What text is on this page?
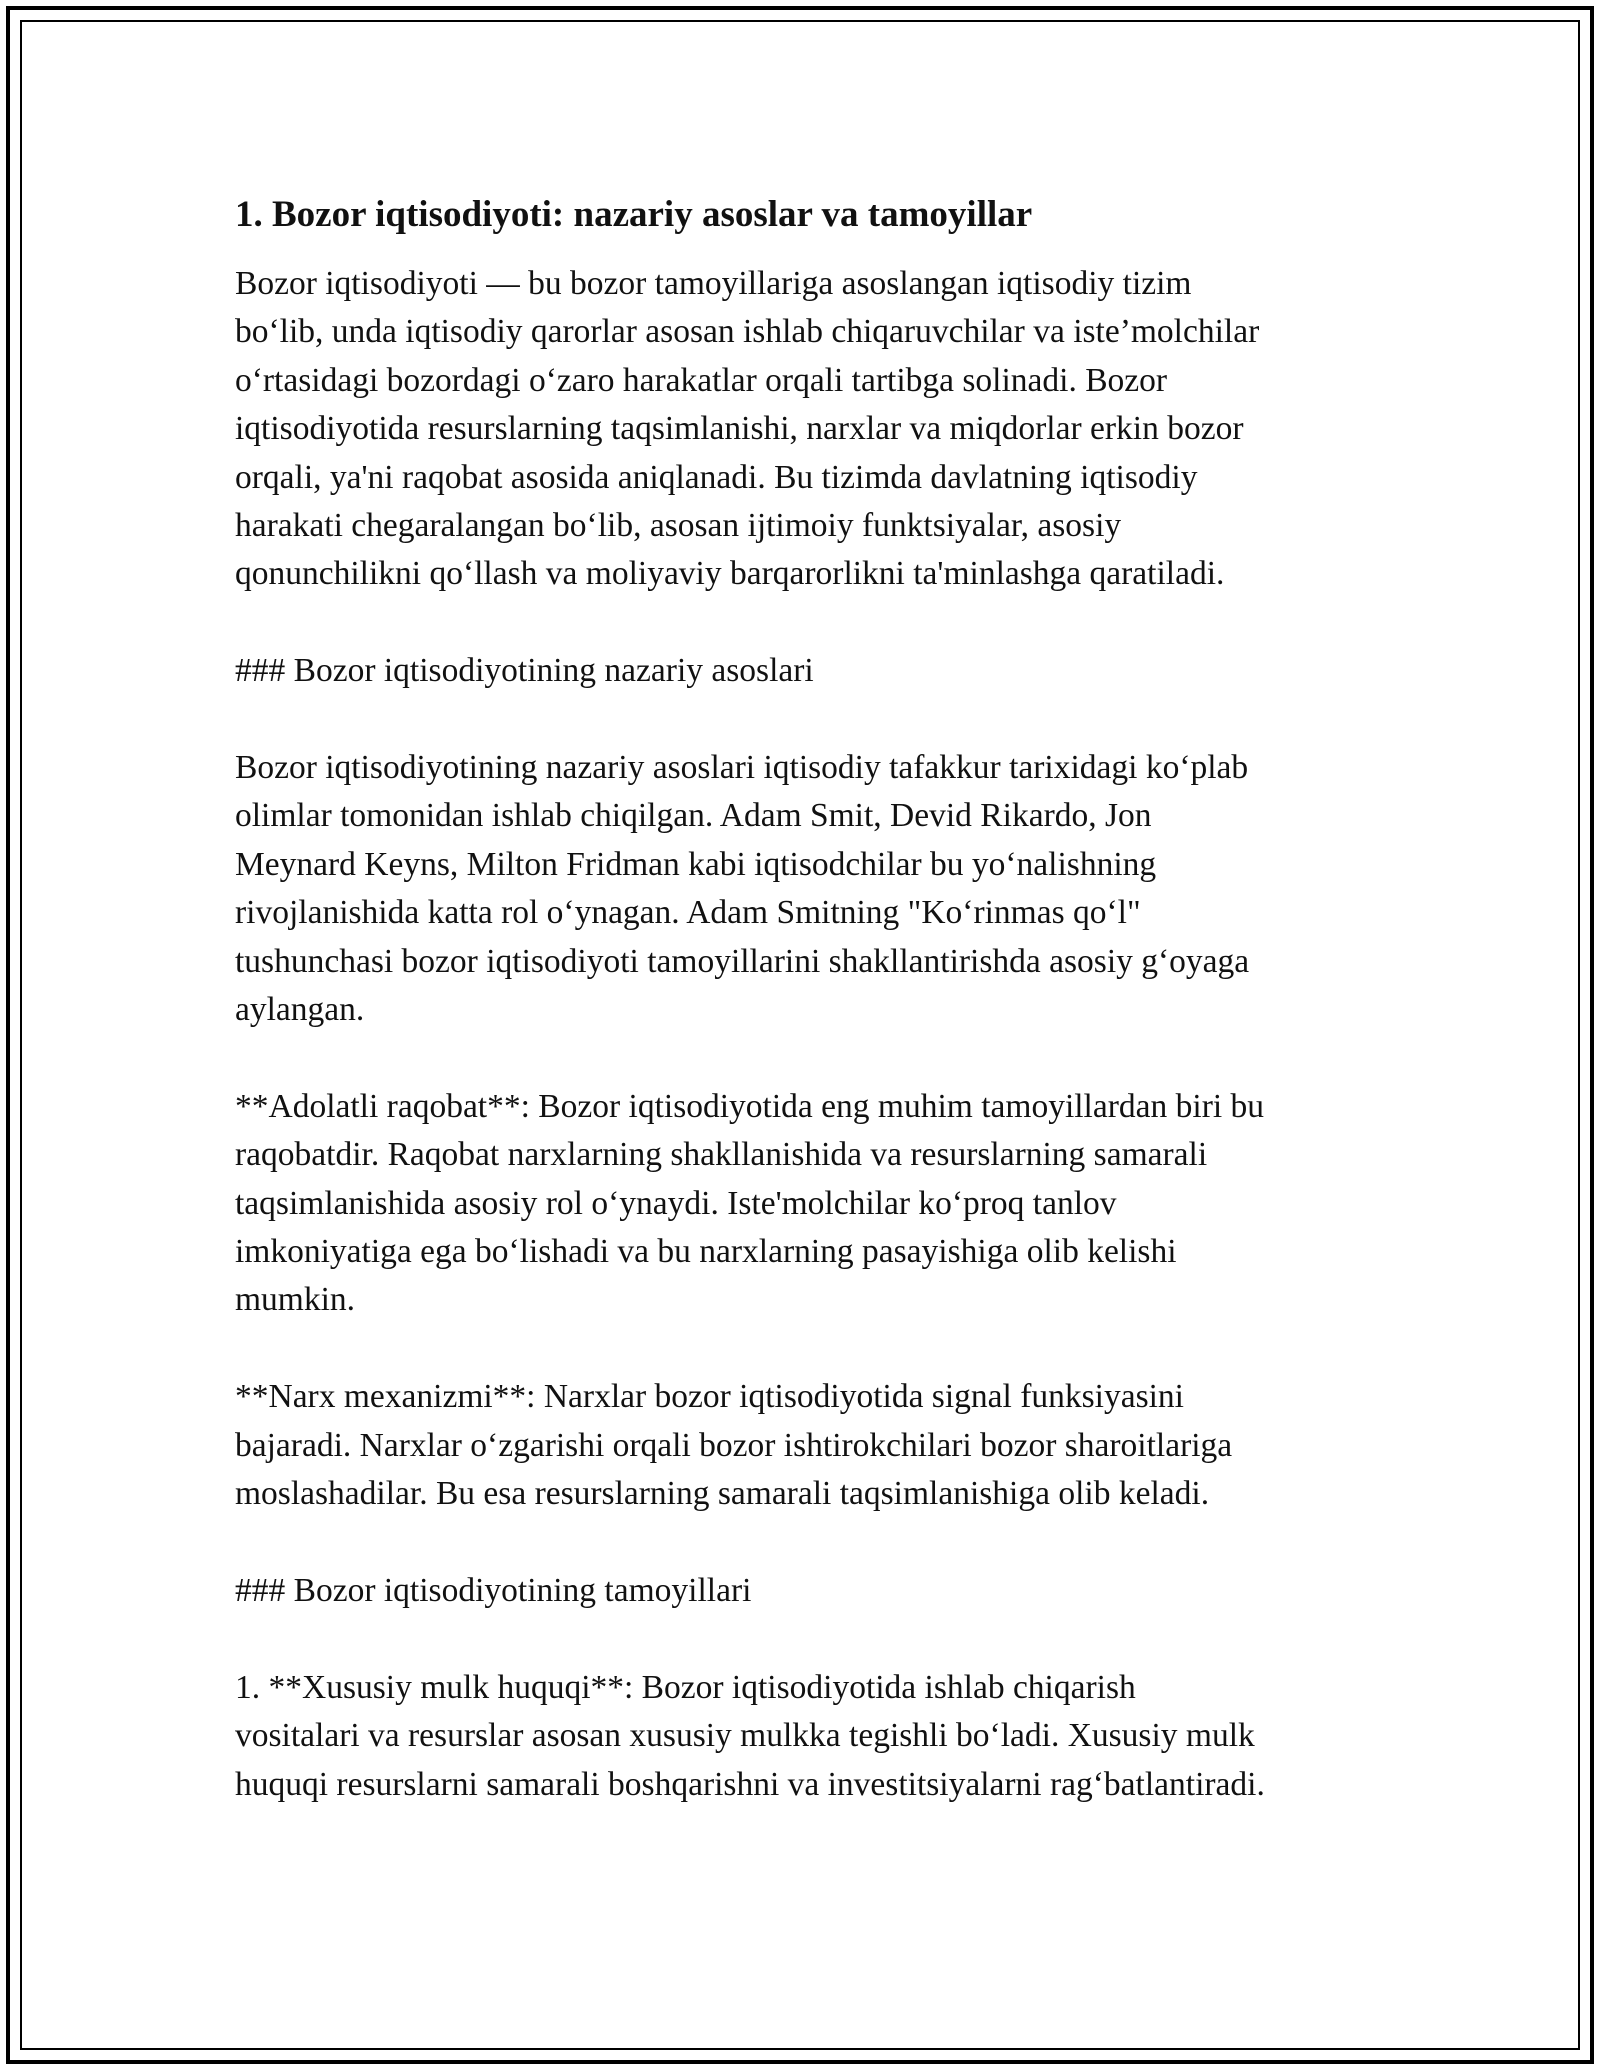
1. Bozor iqtisodiyoti: nazariy asoslar va tamoyillar

Bozor iqtisodiyoti — bu bozor tamoyillariga asoslangan iqtisodiy tizim
bo‘lib, unda iqtisodiy qarorlar asosan ishlab chiqaruvchilar va iste’molchilar
o‘rtasidagi bozordagi o‘zaro harakatlar orqali tartibga solinadi. Bozor
iqtisodiyotida resurslarning taqsimlanishi, narxlar va miqdorlar erkin bozor
orqali, ya'ni raqobat asosida aniqlanadi. Bu tizimda davlatning iqtisodiy
harakati chegaralangan bo‘lib, asosan ijtimoiy funktsiyalar, asosiy
qonunchilikni qo‘llash va moliyaviy barqarorlikni ta'minlashga qaratiladi.

### Bozor iqtisodiyotining nazariy asoslari

Bozor iqtisodiyotining nazariy asoslari iqtisodiy tafakkur tarixidagi ko‘plab
olimlar tomonidan ishlab chiqilgan. Adam Smit, Devid Rikardo, Jon
Meynard Keyns, Milton Fridman kabi iqtisodchilar bu yo‘nalishning
rivojlanishida katta rol o‘ynagan. Adam Smitning "Ko‘rinmas qo‘l"
tushunchasi bozor iqtisodiyoti tamoyillarini shakllantirishda asosiy g‘oyaga
aylangan.

**Adolatli raqobat**: Bozor iqtisodiyotida eng muhim tamoyillardan biri bu
raqobatdir. Raqobat narxlarning shakllanishida va resurslarning samarali
taqsimlanishida asosiy rol o‘ynaydi. Iste'molchilar ko‘proq tanlov
imkoniyatiga ega bo‘lishadi va bu narxlarning pasayishiga olib kelishi
mumkin.

**Narx mexanizmi**: Narxlar bozor iqtisodiyotida signal funksiyasini
bajaradi. Narxlar o‘zgarishi orqali bozor ishtirokchilari bozor sharoitlariga
moslashadilar. Bu esa resurslarning samarali taqsimlanishiga olib keladi.

### Bozor iqtisodiyotining tamoyillari

1. **Xususiy mulk huquqi**: Bozor iqtisodiyotida ishlab chiqarish
vositalari va resurslar asosan xususiy mulkka tegishli bo‘ladi. Xususiy mulk
huquqi resurslarni samarali boshqarishni va investitsiyalarni rag‘batlantiradi.
